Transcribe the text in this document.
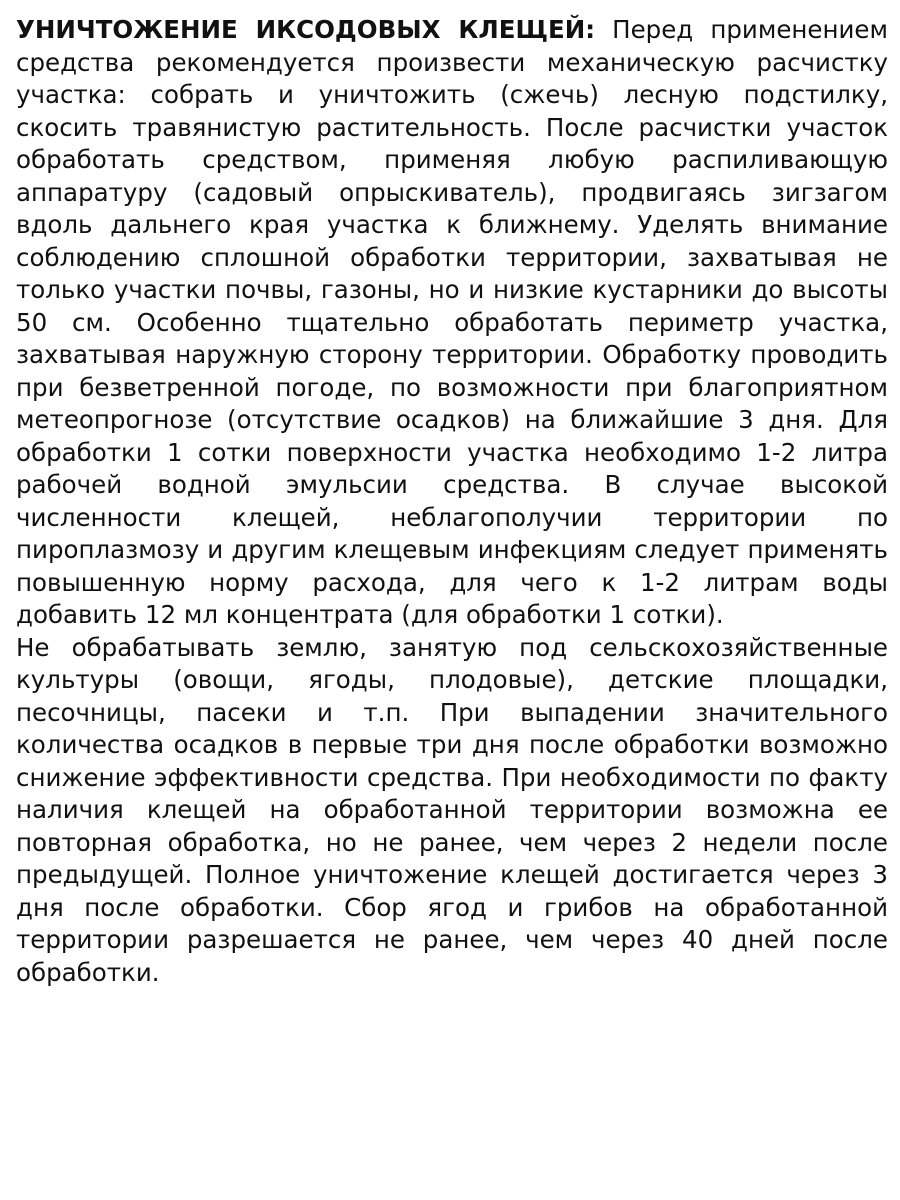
УНИЧТОЖЕНИЕ ИКСОДОВЫХ КЛЕЩЕЙ: Перед применением средства рекомендуется произвести механическую расчистку участка: собрать и уничтожить (сжечь) лесную подстилку, скосить травянистую растительность. После расчистки участок обработать средством, применяя любую распиливающую аппаратуру (садовый опрыскиватель), продвигаясь зигзагом вдоль дальнего края участка к ближнему. Уделять внимание соблюдению сплошной обработки территории, захватывая не только участки почвы, газоны, но и низкие кустарники до высоты 50 см. Особенно тщательно обработать периметр участка, захватывая наружную сторону территории. Обработку проводить при безветренной погоде, по возможности при благоприятном метеопрогнозе (отсутствие осадков) на ближайшие 3 дня. Для обработки 1 сотки поверхности участка необходимо 1-2 литра рабочей водной эмульсии средства. В случае высокой численности клещей, неблагополучии территории по пироплазмозу и другим клещевым инфекциям следует применять повышенную норму расхода, для чего к 1-2 литрам воды добавить 12 мл концентрата (для обработки 1 сотки).

Не обрабатывать землю, занятую под сельскохозяйственные культуры (овощи, ягоды, плодовые), детские площадки, песочницы, пасеки и т.п. При выпадении значительного количества осадков в первые три дня после обработки возможно снижение эффективности средства. При необходимости по факту наличия клещей на обработанной территории возможна ее повторная обработка, но не ранее, чем через 2 недели после предыдущей. Полное уничтожение клещей достигается через 3 дня после обработки. Сбор ягод и грибов на обработанной территории разрешается не ранее, чем через 40 дней после обработки.
